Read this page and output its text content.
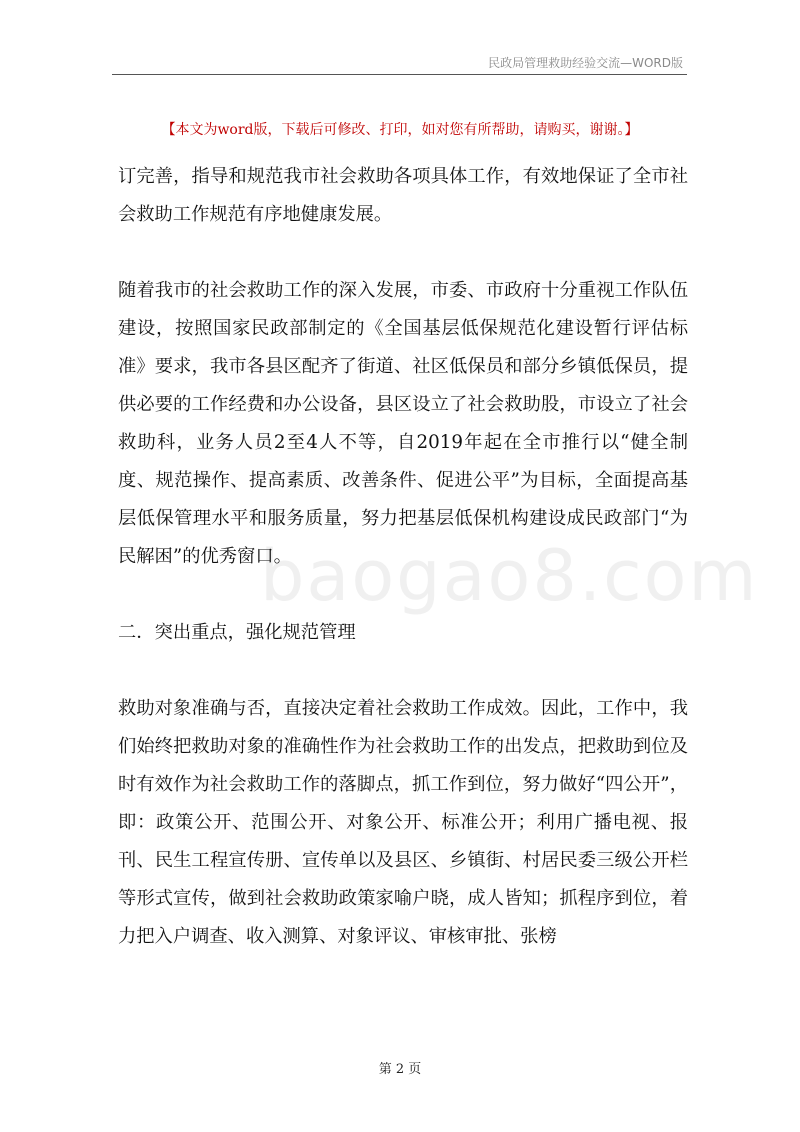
民政局管理救助经验交流—WORD版
【本文为word版，下载后可修改、打印，如对您有所帮助，请购买，谢谢。】
baogao8.com

订完善，指导和规范我市社会救助各项具体工作，有效地保证了全市社会救助工作规范有序地健康发展。

随着我市的社会救助工作的深入发展，市委、市政府十分重视工作队伍建设，按照国家民政部制定的《全国基层低保规范化建设暂行评估标准》要求，我市各县区配齐了街道、社区低保员和部分乡镇低保员，提供必要的工作经费和办公设备，县区设立了社会救助股，市设立了社会救助科，业务人员2至4人不等，自2019年起在全市推行以“健全制度、规范操作、提高素质、改善条件、促进公平”为目标，全面提高基层低保管理水平和服务质量，努力把基层低保机构建设成民政部门“为民解困”的优秀窗口。

二．突出重点，强化规范管理

救助对象准确与否，直接决定着社会救助工作成效。因此，工作中，我们始终把救助对象的准确性作为社会救助工作的出发点，把救助到位及时有效作为社会救助工作的落脚点，抓工作到位，努力做好“四公开”，即：政策公开、范围公开、对象公开、标准公开；利用广播电视、报刊、民生工程宣传册、宣传单以及县区、乡镇街、村居民委三级公开栏等形式宣传，做到社会救助政策家喻户晓，成人皆知；抓程序到位，着力把入户调查、收入测算、对象评议、审核审批、张榜

第 2 页
